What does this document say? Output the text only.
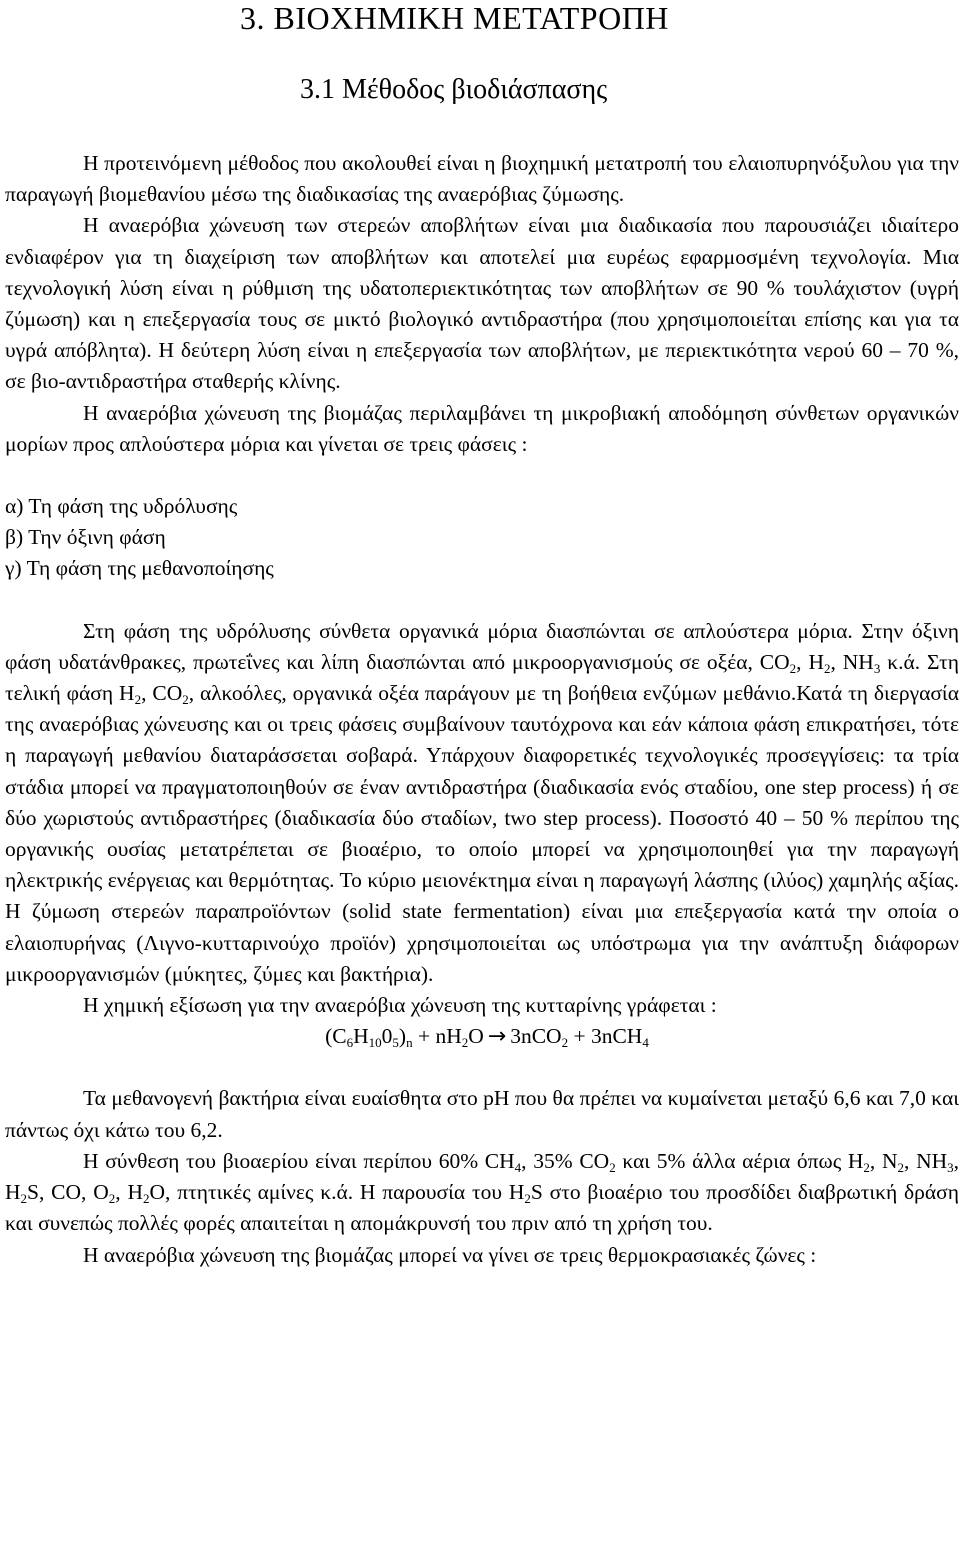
3. ΒΙΟΧΗΜΙΚΗ ΜΕΤΑΤΡΟΠΗ
3.1 Μέθοδος βιοδιάσπασης

Η προτεινόμενη μέθοδος που ακολουθεί είναι η βιοχημική μετατροπή του ελαιοπυρηνόξυλου για την παραγωγή βιομεθανίου μέσω της διαδικασίας της αναερόβιας ζύμωσης.

Η αναερόβια χώνευση των στερεών αποβλήτων είναι μια διαδικασία που παρουσιάζει ιδιαίτερο ενδιαφέρον για τη διαχείριση των αποβλήτων και αποτελεί μια ευρέως εφαρμοσμένη τεχνολογία. Μια τεχνολογική λύση είναι η ρύθμιση της υδατοπεριεκτικότητας των αποβλήτων σε 90 % τουλάχιστον (υγρή ζύμωση) και η επεξεργασία τους σε μικτό βιολογικό αντιδραστήρα (που χρησιμοποιείται επίσης και για τα υγρά απόβλητα). Η δεύτερη λύση είναι η επεξεργασία των αποβλήτων, με περιεκτικότητα νερού 60 – 70 %, σε βιο-αντιδραστήρα σταθερής κλίνης.

Η αναερόβια χώνευση της βιομάζας περιλαμβάνει τη μικροβιακή αποδόμηση σύνθετων οργανικών μορίων προς απλούστερα μόρια και γίνεται σε τρεις φάσεις :

α) Τη φάση της υδρόλυσης

β) Την όξινη φάση

γ) Τη φάση της μεθανοποίησης

Στη φάση της υδρόλυσης σύνθετα οργανικά μόρια διασπώνται σε απλούστερα μόρια. Στην όξινη φάση υδατάνθρακες, πρωτεΐνες και λίπη διασπώνται από μικροοργανισμούς σε οξέα, $CO_2$, $H_2$, $NH_3$ κ.ά. Στη τελική φάση $H_2$, $CO_2$, αλκοόλες, οργανικά οξέα παράγουν με τη βοήθεια ενζύμων μεθάνιο.Κατά τη διεργασία της αναερόβιας χώνευσης και οι τρεις φάσεις συμβαίνουν ταυτόχρονα και εάν κάποια φάση επικρατήσει, τότε η παραγωγή μεθανίου διαταράσσεται σοβαρά. Υπάρχουν διαφορετικές τεχνολογικές προσεγγίσεις: τα τρία στάδια μπορεί να πραγματοποιηθούν σε έναν αντιδραστήρα (διαδικασία ενός σταδίου, one step process) ή σε δύο χωριστούς αντιδραστήρες (διαδικασία δύο σταδίων, two step process). Ποσοστό 40 – 50 % περίπου της οργανικής ουσίας μετατρέπεται σε βιοαέριο, το οποίο μπορεί να χρησιμοποιηθεί για την παραγωγή ηλεκτρικής ενέργειας και θερμότητας. Το κύριο μειονέκτημα είναι η παραγωγή λάσπης (ιλύος) χαμηλής αξίας. Η ζύμωση στερεών παραπροϊόντων (solid state fermentation) είναι μια επεξεργασία κατά την οποία ο ελαιοπυρήνας (Λιγνο-κυτταρινούχο προϊόν) χρησιμοποιείται ως υπόστρωμα για την ανάπτυξη διάφορων μικροοργανισμών (μύκητες, ζύμες και βακτήρια).

Η χημική εξίσωση για την αναερόβια χώνευση της κυτταρίνης γράφεται :

$(C_6H_{10}0_5)_n + nH_2O \to 3nCO_2 + 3nCH_4$

Τα μεθανογενή βακτήρια είναι ευαίσθητα στο pH που θα πρέπει να κυμαίνεται μεταξύ 6,6 και 7,0 και πάντως όχι κάτω του 6,2.

Η σύνθεση του βιοαερίου είναι περίπου 60% $CH_4$, 35% $CO_2$ και 5% άλλα αέρια όπως $H_2$, $N_2$, $NH_3$, $H_2S$, CO, $O_2$, $H_2O$, πτητικές αμίνες κ.ά. Η παρουσία του $H_2S$ στο βιοαέριο του προσδίδει διαβρωτική δράση και συνεπώς πολλές φορές απαιτείται η απομάκρυνσή του πριν από τη χρήση του.

Η αναερόβια χώνευση της βιομάζας μπορεί να γίνει σε τρεις θερμοκρασιακές ζώνες :
